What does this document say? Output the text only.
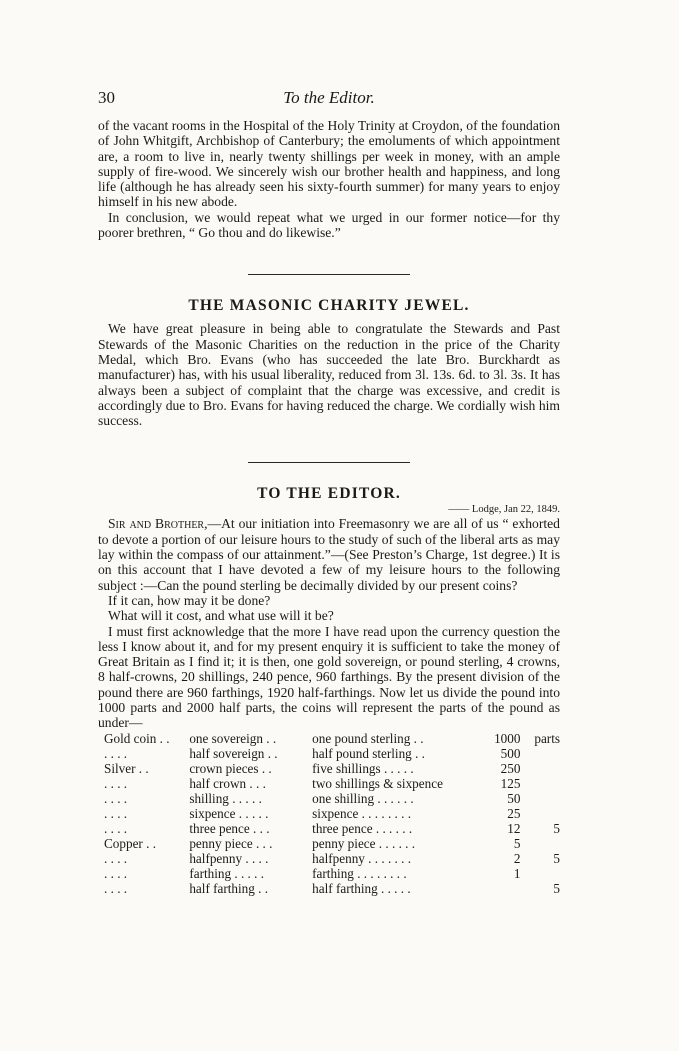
30	To the Editor.

of the vacant rooms in the Hospital of the Holy Trinity at Croydon, of the foundation of John Whitgift, Archbishop of Canterbury; the emoluments of which appointment are, a room to live in, nearly twenty shillings per week in money, with an ample supply of fire-wood. We sincerely wish our brother health and happiness, and long life (although he has already seen his sixty-fourth summer) for many years to enjoy himself in his new abode.

In conclusion, we would repeat what we urged in our former notice—for thy poorer brethren, “ Go thou and do likewise.”

THE MASONIC CHARITY JEWEL.

We have great pleasure in being able to congratulate the Stewards and Past Stewards of the Masonic Charities on the reduction in the price of the Charity Medal, which Bro. Evans (who has succeeded the late Bro. Burckhardt as manufacturer) has, with his usual liberality, reduced from 3l. 13s. 6d. to 3l. 3s. It has always been a subject of complaint that the charge was excessive, and credit is accordingly due to Bro. Evans for having reduced the charge. We cordially wish him success.

TO THE EDITOR.
—— Lodge, Jan 22, 1849.

Sir and Brother,—At our initiation into Freemasonry we are all of us “ exhorted to devote a portion of our leisure hours to the study of such of the liberal arts as may lay within the compass of our attainment.”—(See Preston’s Charge, 1st degree.) It is on this account that I have devoted a few of my leisure hours to the following subject :—Can the pound sterling be decimally divided by our present coins?

If it can, how may it be done?

What will it cost, and what use will it be?

I must first acknowledge that the more I have read upon the currency question the less I know about it, and for my present enquiry it is sufficient to take the money of Great Britain as I find it; it is then, one gold sovereign, or pound sterling, 4 crowns, 8 half-crowns, 20 shillings, 240 pence, 960 farthings. By the present division of the pound there are 960 farthings, 1920 half-farthings. Now let us divide the pound into 1000 parts and 2000 half parts, the coins will represent the parts of the pound as under—

Gold coin . .	one sovereign . .	one pound sterling . .	1000	parts
. . . .	half sovereign . .	half pound sterling . .	500	
Silver . .	crown pieces . .	five shillings . . . . .	250	
. . . .	half crown . . .	two shillings & sixpence	125	
. . . .	shilling . . . . .	one shilling . . . . . .	50	
. . . .	sixpence . . . . .	sixpence . . . . . . . .	25	
. . . .	three pence . . .	three pence . . . . . .	12	5
Copper . .	penny piece . . .	penny piece . . . . . .	5	
. . . .	halfpenny . . . .	halfpenny . . . . . . .	2	5
. . . .	farthing . . . . .	farthing . . . . . . . .	1	
. . . .	half farthing . .	half farthing . . . . .		5
